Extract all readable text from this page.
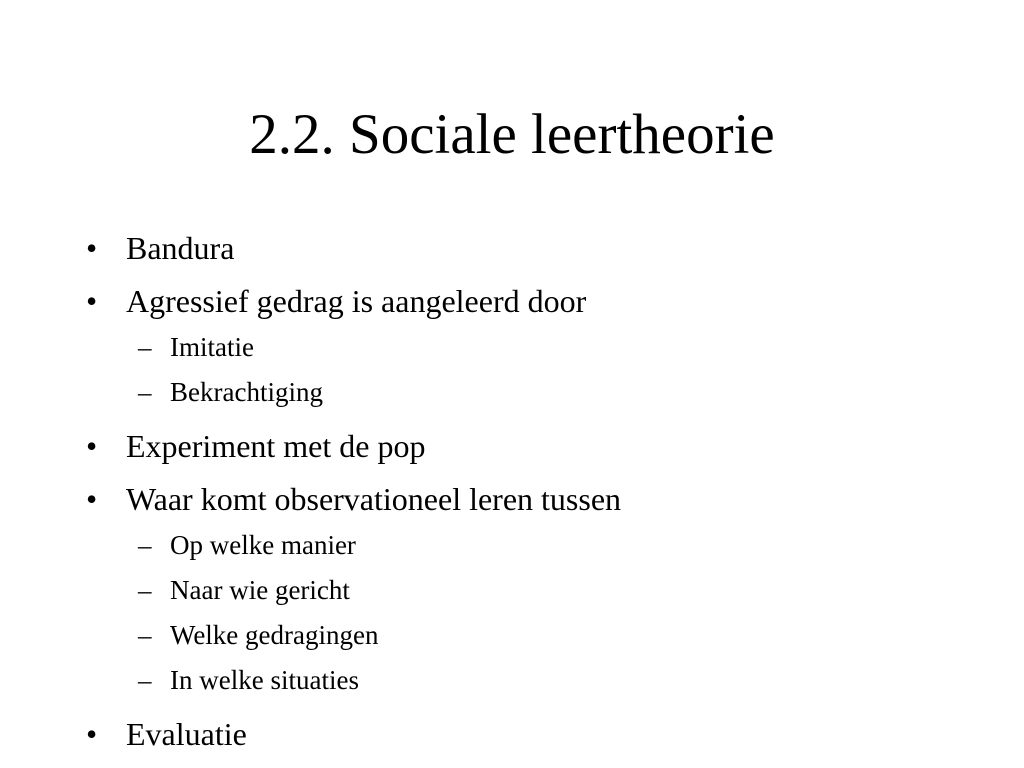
2.2. Sociale leertheorie
• Bandura
• Agressief gedrag is aangeleerd door
– Imitatie
– Bekrachtiging
• Experiment met de pop
• Waar komt observationeel leren tussen
– Op welke manier
– Naar wie gericht
– Welke gedragingen
– In welke situaties
• Evaluatie
